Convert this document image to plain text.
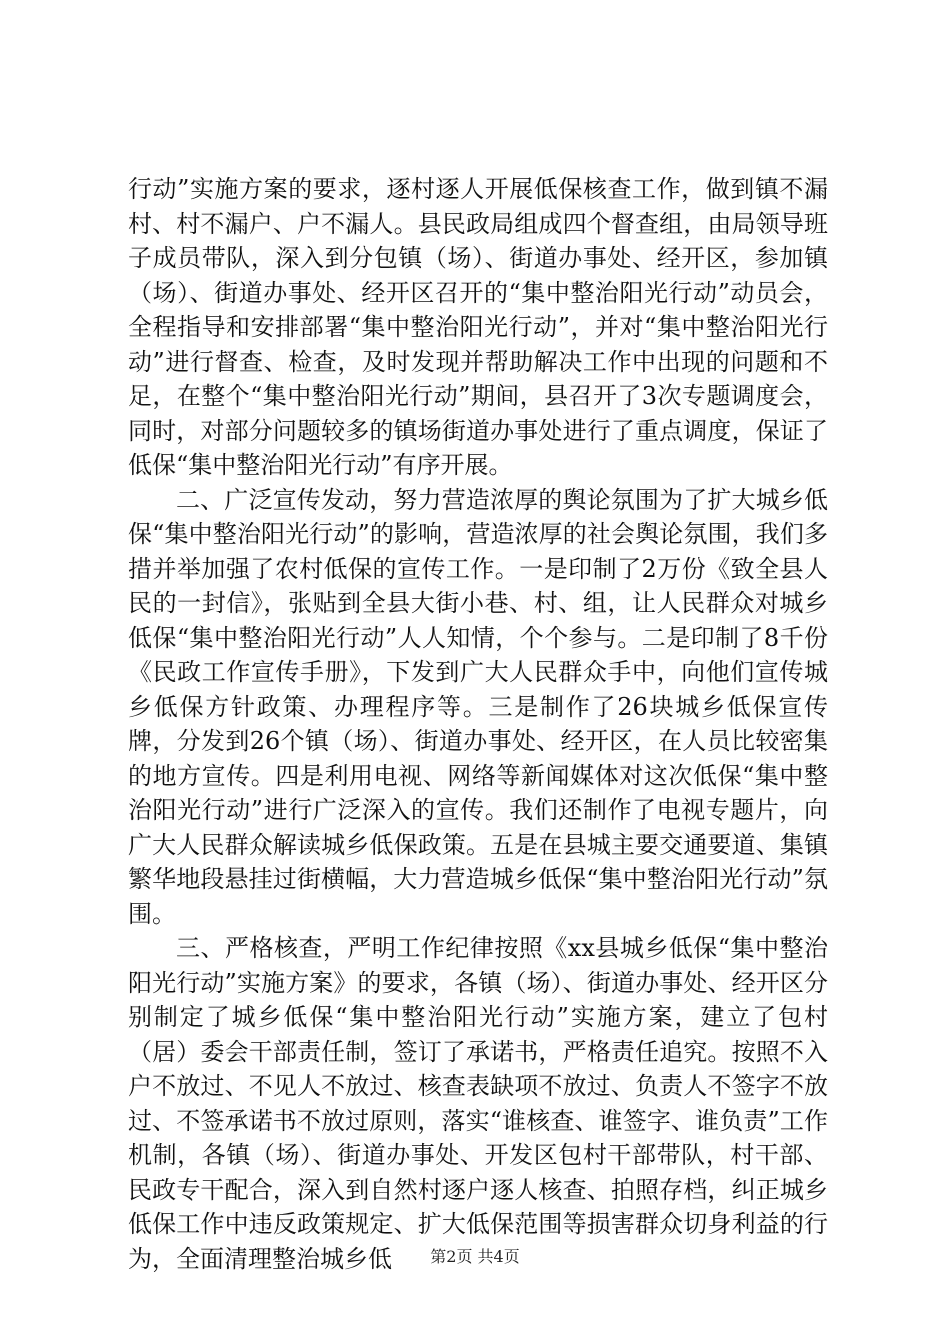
行动”实施方案的要求，逐村逐人开展低保核查工作，做到镇不漏村、村不漏户、户不漏人。县民政局组成四个督查组，由局领导班子成员带队，深入到分包镇（场）、街道办事处、经开区，参加镇（场）、街道办事处、经开区召开的“集中整治阳光行动”动员会，全程指导和安排部署“集中整治阳光行动”，并对“集中整治阳光行动”进行督查、检查，及时发现并帮助解决工作中出现的问题和不足，在整个“集中整治阳光行动”期间，县召开了3次专题调度会，同时，对部分问题较多的镇场街道办事处进行了重点调度，保证了低保“集中整治阳光行动”有序开展。

二、广泛宣传发动，努力营造浓厚的舆论氛围为了扩大城乡低保“集中整治阳光行动”的影响，营造浓厚的社会舆论氛围，我们多措并举加强了农村低保的宣传工作。一是印制了2万份《致全县人民的一封信》，张贴到全县大街小巷、村、组，让人民群众对城乡低保“集中整治阳光行动”人人知情，个个参与。二是印制了8千份《民政工作宣传手册》，下发到广大人民群众手中，向他们宣传城乡低保方针政策、办理程序等。三是制作了26块城乡低保宣传牌，分发到26个镇（场）、街道办事处、经开区，在人员比较密集的地方宣传。四是利用电视、网络等新闻媒体对这次低保“集中整治阳光行动”进行广泛深入的宣传。我们还制作了电视专题片，向广大人民群众解读城乡低保政策。五是在县城主要交通要道、集镇繁华地段悬挂过街横幅，大力营造城乡低保“集中整治阳光行动”氛围。

三、严格核查，严明工作纪律按照《xx县城乡低保“集中整治阳光行动”实施方案》的要求，各镇（场）、街道办事处、经开区分别制定了城乡低保“集中整治阳光行动”实施方案，建立了包村（居）委会干部责任制，签订了承诺书，严格责任追究。按照不入户不放过、不见人不放过、核查表缺项不放过、负责人不签字不放过、不签承诺书不放过原则，落实“谁核查、谁签字、谁负责”工作机制，各镇（场）、街道办事处、开发区包村干部带队，村干部、民政专干配合，深入到自然村逐户逐人核查、拍照存档，纠正城乡低保工作中违反政策规定、扩大低保范围等损害群众切身利益的行为，全面清理整治城乡低	第2页 共4页
